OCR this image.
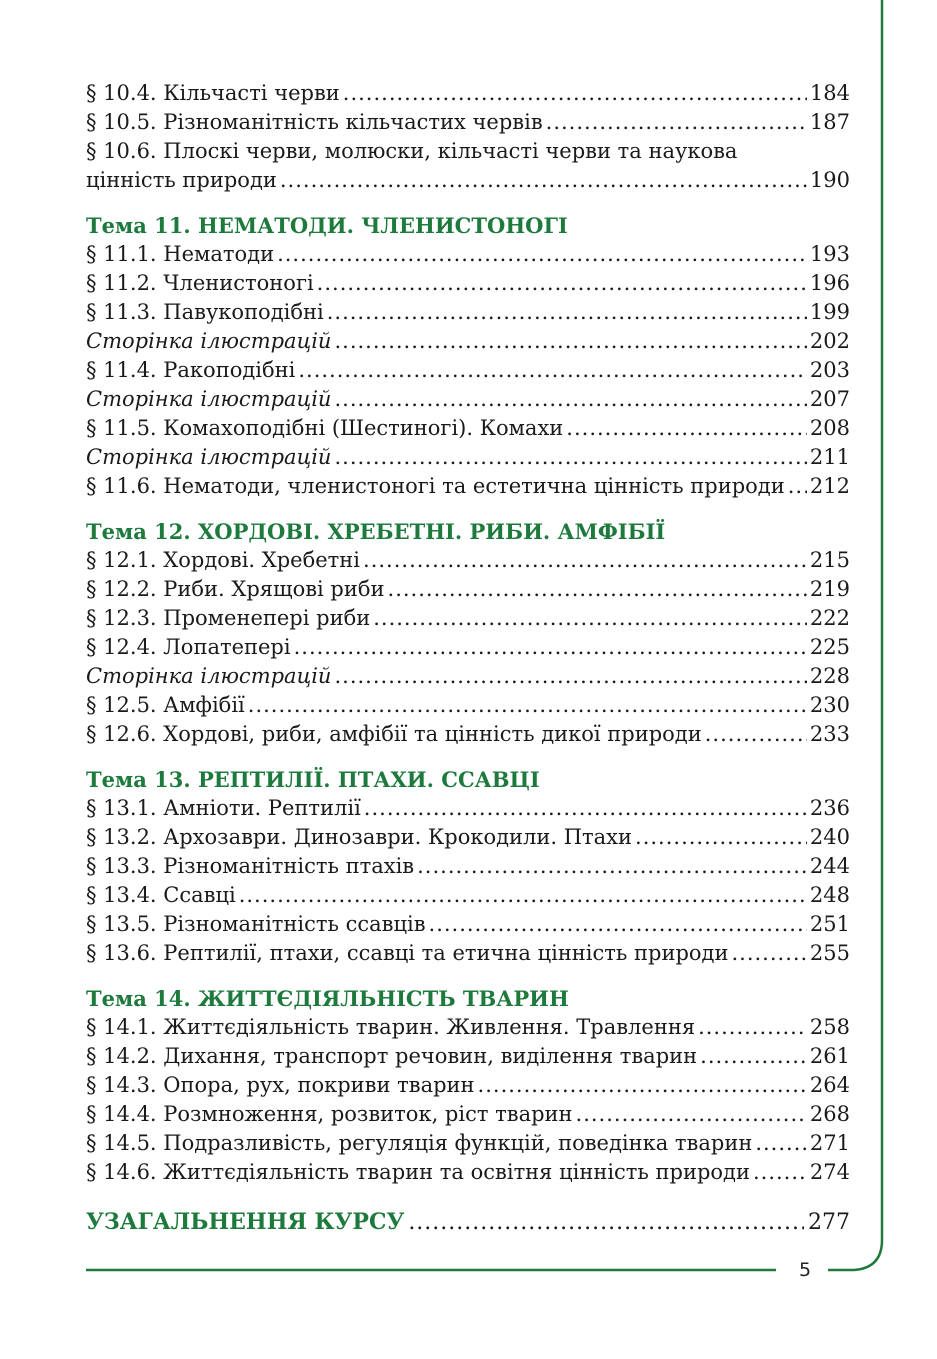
§ 10.4. Кільчасті черви .....	184
§ 10.5. Різноманітність кільчастих червів .....	187
§ 10.6. Плоскі черви, молюски, кільчасті черви та наукова
цінність природи .....	190
Тема 11. НЕМАТОДИ. ЧЛЕНИСТОНОГІ
§ 11.1. Нематоди .....	193
§ 11.2. Членистоногі .....	196
§ 11.3. Павукоподібні .....	199
Сторінка ілюстрацій .....	202
§ 11.4. Ракоподібні .....	203
Сторінка ілюстрацій .....	207
§ 11.5. Комахоподібні (Шестиногі). Комахи .....	208
Сторінка ілюстрацій .....	211
§ 11.6. Нематоди, членистоногі та естетична цінність природи ..... 212
Тема 12. ХОРДОВІ. ХРЕБЕТНІ. РИБИ. АМФІБІЇ
§ 12.1. Хордові. Хребетні .....	215
§ 12.2. Риби. Хрящові риби .....	219
§ 12.3. Променепері риби .....	222
§ 12.4. Лопатепері .....	225
Сторінка ілюстрацій .....	228
§ 12.5. Амфібії .....	230
§ 12.6. Хордові, риби, амфібії та цінність дикої природи .....	233
Тема 13. РЕПТИЛІЇ. ПТАХИ. ССАВЦІ
§ 13.1. Амніоти. Рептилії .....	236
§ 13.2. Архозаври. Динозаври. Крокодили. Птахи .....	240
§ 13.3. Різноманітність птахів .....	244
§ 13.4. Ссавці .....	248
§ 13.5. Різноманітність ссавців .....	251
§ 13.6. Рептилії, птахи, ссавці та етична цінність природи .....	255
Тема 14. ЖИТТЄДІЯЛЬНІСТЬ ТВАРИН
§ 14.1. Життєдіяльність тварин. Живлення. Травлення .....	258
§ 14.2. Дихання, транспорт речовин, виділення тварин .....	261
§ 14.3. Опора, рух, покриви тварин .....	264
§ 14.4. Розмноження, розвиток, ріст тварин .....	268
§ 14.5. Подразливість, регуляція функцій, поведінка тварин .....	271
§ 14.6. Життєдіяльність тварин та освітня цінність природи .....	274
УЗАГАЛЬНЕННЯ КУРСУ .....	277
5
